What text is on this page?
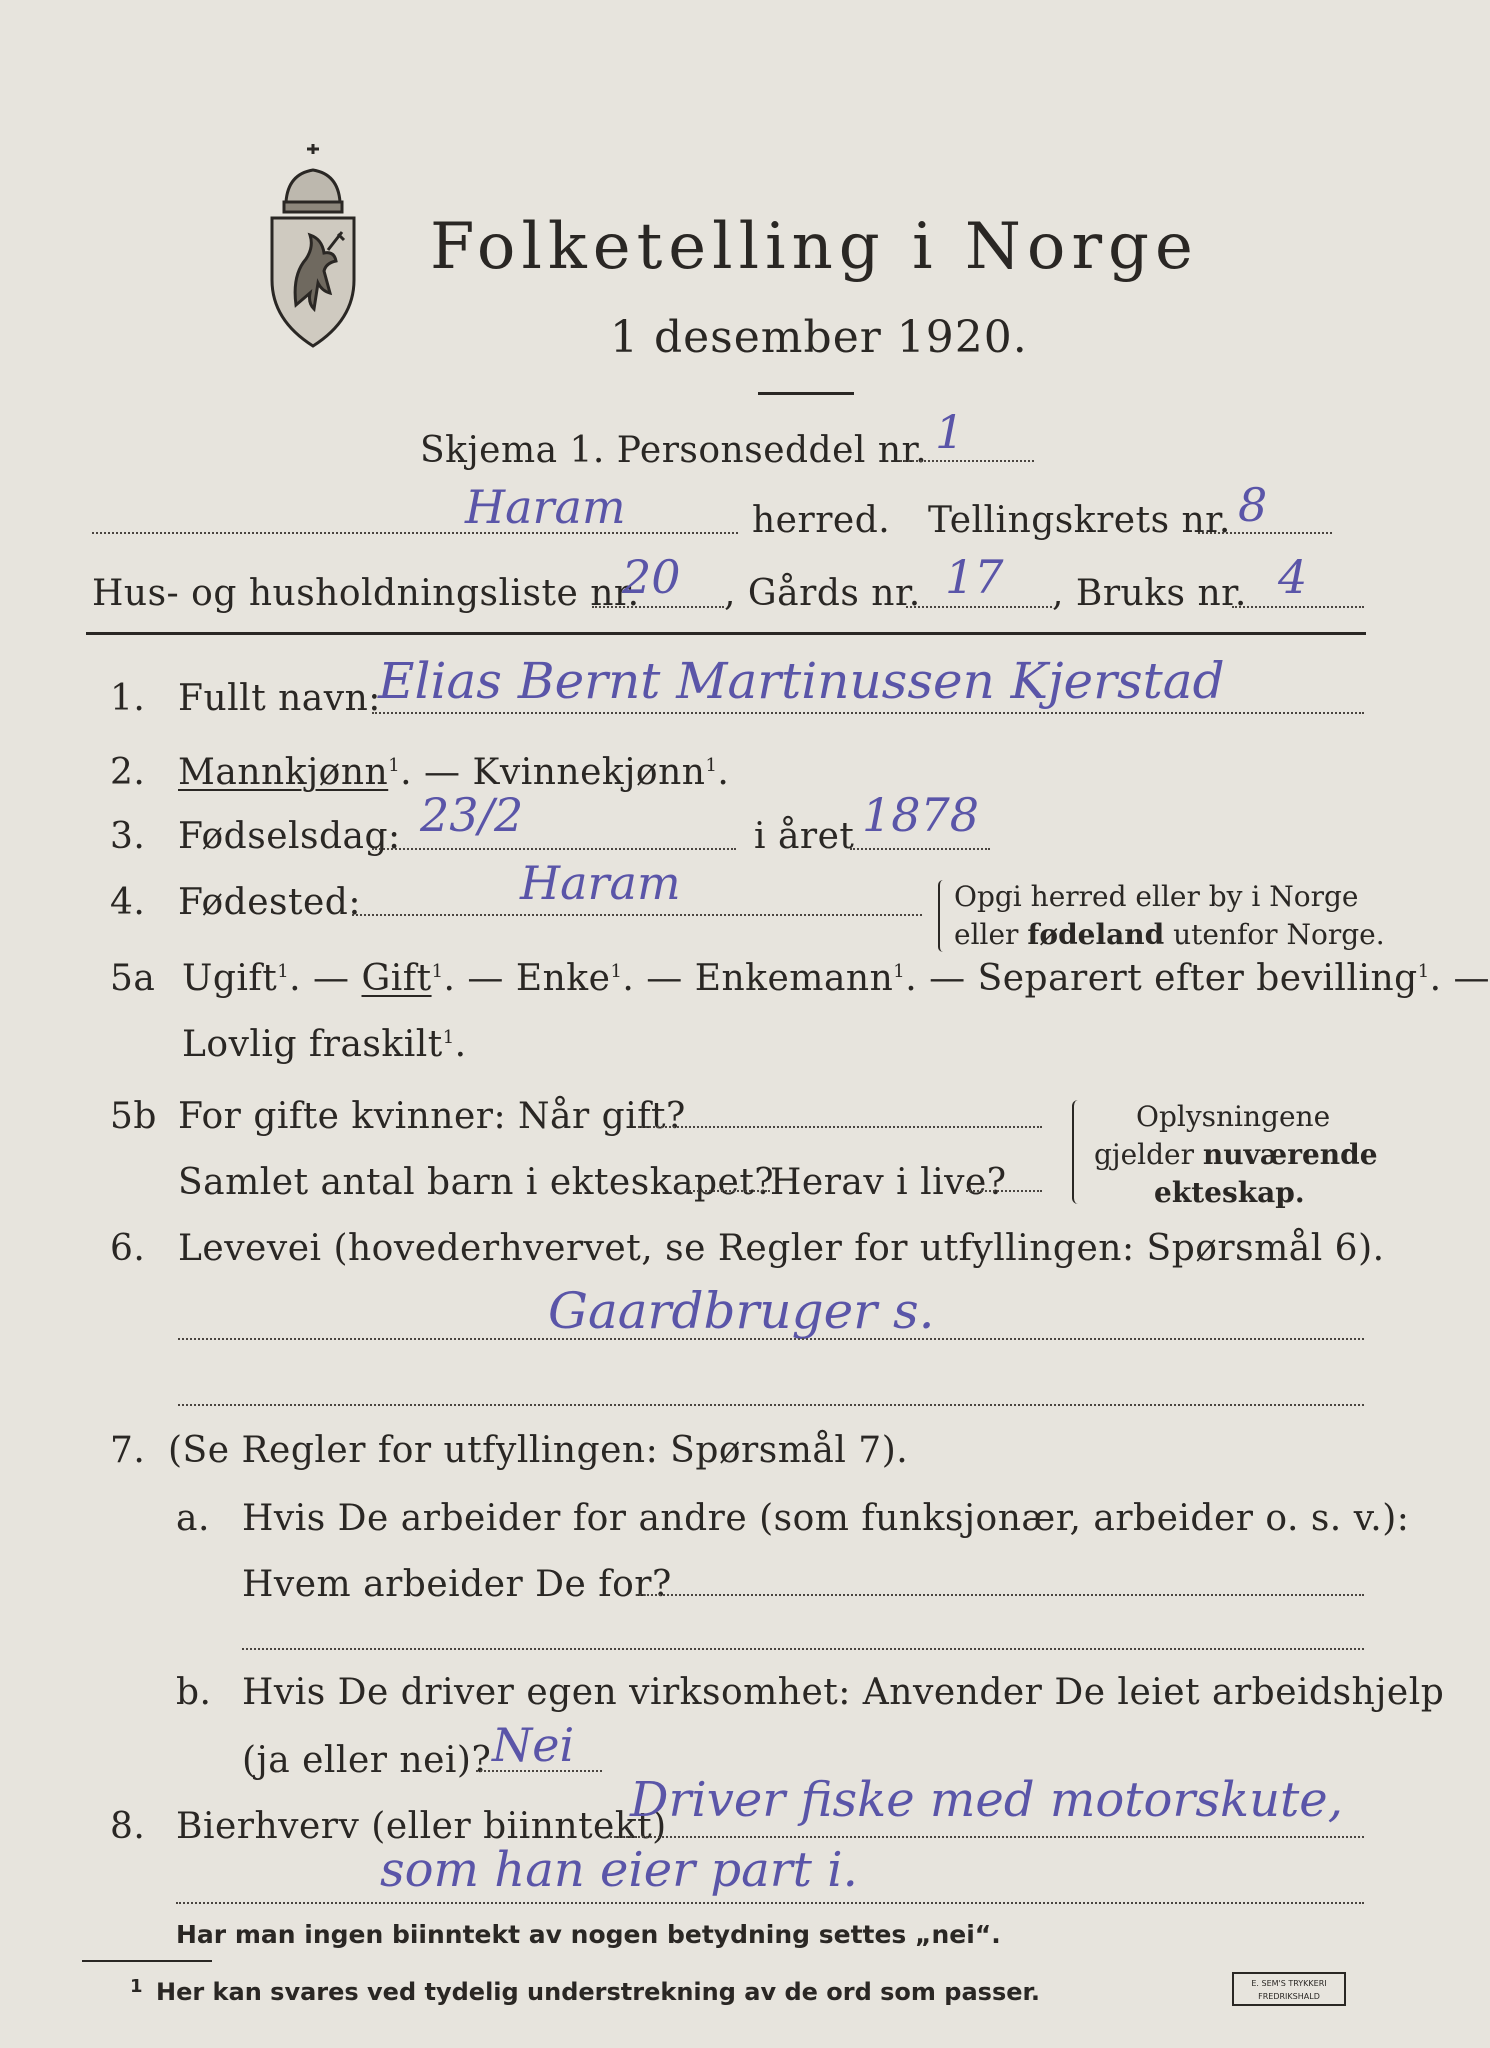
Folketelling i Norge
1 desember 1920.
Skjema 1. Personseddel nr. 1
Haram	herred. Tellingskrets nr. 8
Hus- og husholdningsliste nr.
20 , Gårds nr. 17 , Bruks nr. 4
1. Fullt navn:
Elias Bernt Martinussen Kjerstad
2. Mannkjønn$^1$. — Kvinnekjønn$^1$.
3. Fødselsdag: 23/2	i året 1878
4. Fødested:	Haram	Opgi herred eller by i Norge
eller fødeland utenfor Norge.
5a Ugift$^1$. — Gift$^1$. — Enke$^1$. — Enkemann$^1$. — Separert efter bevilling$^1$. —
Lovlig fraskilt$^1$.
5b For gifte kvinner: Når gift?
Samlet antal barn i ekteskapet?
Herav i live?
Oplysningene
gjelder nuværende
ekteskap.
6. Levevei (hovederhvervet, se Regler for utfyllingen: Spørsmål 6).
Gaardbruger s.
7. (Se Regler for utfyllingen: Spørsmål 7).
a. Hvis De arbeider for andre (som funksjonær, arbeider o. s. v.):
Hvem arbeider De for?
b. Hvis De driver egen virksomhet: Anvender De leiet arbeidshjelp
(ja eller nei)? Nei
8. Bierhverv (eller biinntekt)
Driver fiske med motorskute,
som han eier part i.
Har man ingen biinntekt av nogen betydning settes „nei“.
1 Her kan svares ved tydelig understrekning av de ord som passer.	E. SEM'S TRYKKERI
FREDRIKSHALD
